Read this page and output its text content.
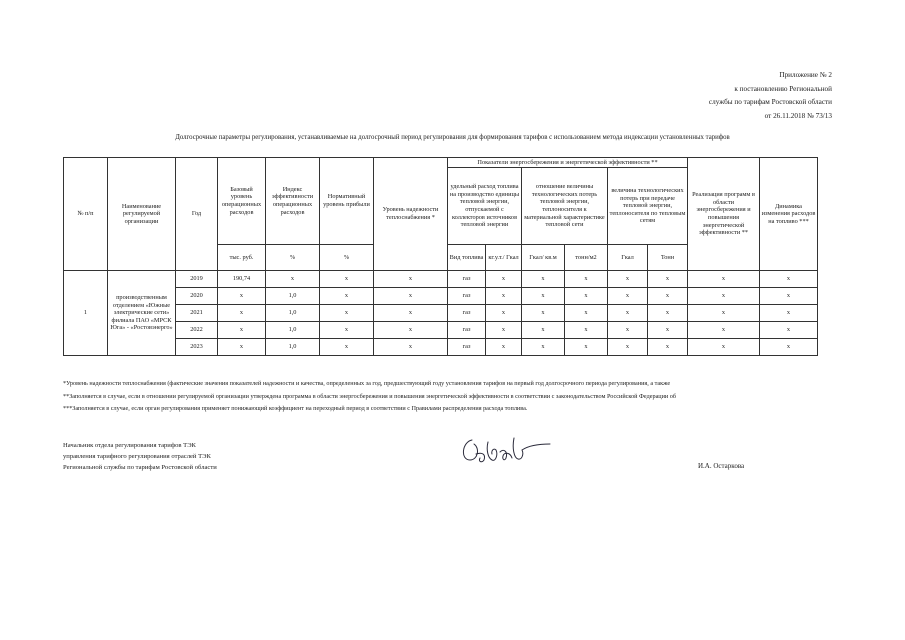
Приложение № 2
к постановлению Региональной
службы по тарифам Ростовской области
от 26.11.2018 № 73/13
Долгосрочные параметры регулирования, устанавливаемые на долгосрочный период регулирования для формирования тарифов с использованием метода индексации установленных тарифов
№ п/п	Наименование регулируемой организации	Год	Базовый уровень операционных расходов	Индекс эффективности операционных расходов	Нормативный уровень прибыли	Уровень надежности теплоснабжения *	Показатели энергосбережения и энергетической эффективности **						Реализация программ в области энергосбережения и повышения энергетической эффективности **	Динамика изменения расходов на топливо ***
							удельный расход топлива на производство единицы тепловой энергии, отпускаемой с коллекторов источников тепловой энергии		отношение величины технологических потерь тепловой энергии, теплоносителя к материальной характеристике тепловой сети		величина технологических потерь при передаче тепловой энергии, теплоносителя по тепловым сетям			
			тыс. руб.	%	%		Вид топлива	кг.у.т./ Гкал	Гкал/ кв.м	тонн/м2	Гкал	Тонн		
1	производственным отделением «Южные электрические сети» филиала ПАО «МРСК Юга» - «Ростовэнерго»	2019	190,74	х	х	х	газ	х	х	х	х	х	х	х
		2020	х	1,0	х	х	газ	х	х	х	х	х	х	х
		2021	х	1,0	х	х	газ	х	х	х	х	х	х	х
		2022	х	1,0	х	х	газ	х	х	х	х	х	х	х
		2023	х	1,0	х	х	газ	х	х	х	х	х	х	х
*Уровень надежности теплоснабжения (фактические значения показателей надежности и качества, определенных за год, предшествующий году установления тарифов на первый год долгосрочного периода регулирования, а также
**Заполняется в случае, если в отношении регулируемой организации утверждена программа в области энергосбережения и повышения энергетической эффективности в соответствии с законодательством Российской Федерации об
***Заполняется в случае, если орган регулирования применяет понижающий коэффициент на переходный период в соответствии с Правилами распределения расхода топлива.
Начальник отдела регулирования тарифов ТЭК
управления тарифного регулирования отраслей ТЭК
Региональной службы по тарифам Ростовской области	И.А. Остаркова
